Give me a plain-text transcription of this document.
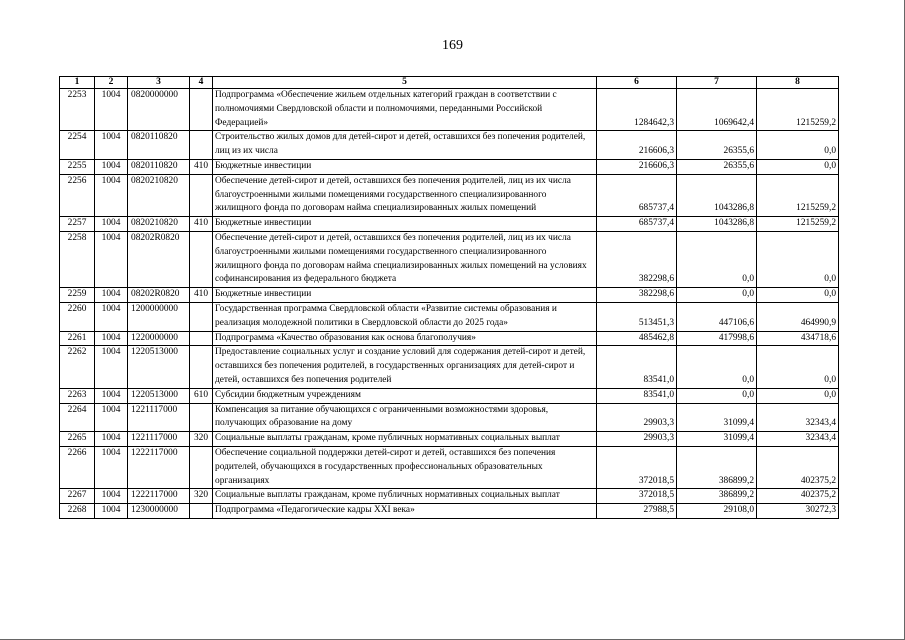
169
1	2	3	4	5	6	7	8
2253	1004	0820000000		Подпрограмма «Обеспечение жильем отдельных категорий граждан в соответствии с полномочиями Свердловской области и полномочиями, переданными Российской Федерацией»	1284642,3	1069642,4	1215259,2
2254	1004	0820110820		Строительство жилых домов для детей-сирот и детей, оставшихся без попечения родителей, лиц из их числа	216606,3	26355,6	0,0
2255	1004	0820110820	410	Бюджетные инвестиции	216606,3	26355,6	0,0
2256	1004	0820210820		Обеспечение детей-сирот и детей, оставшихся без попечения родителей, лиц из их числа благоустроенными жилыми помещениями государственного специализированного жилищного фонда по договорам найма специализированных жилых помещений	685737,4	1043286,8	1215259,2
2257	1004	0820210820	410	Бюджетные инвестиции	685737,4	1043286,8	1215259,2
2258	1004	08202R0820		Обеспечение детей-сирот и детей, оставшихся без попечения родителей, лиц из их числа благоустроенными жилыми помещениями государственного специализированного жилищного фонда по договорам найма специализированных жилых помещений на условиях софинансирования из федерального бюджета	382298,6	0,0	0,0
2259	1004	08202R0820	410	Бюджетные инвестиции	382298,6	0,0	0,0
2260	1004	1200000000		Государственная программа Свердловской области «Развитие системы образования и реализация молодежной политики в Свердловской области до 2025 года»	513451,3	447106,6	464990,9
2261	1004	1220000000		Подпрограмма «Качество образования как основа благополучия»	485462,8	417998,6	434718,6
2262	1004	1220513000		Предоставление социальных услуг и создание условий для содержания детей-сирот и детей, оставшихся без попечения родителей, в государственных организациях для детей-сирот и детей, оставшихся без попечения родителей	83541,0	0,0	0,0
2263	1004	1220513000	610	Субсидии бюджетным учреждениям	83541,0	0,0	0,0
2264	1004	1221117000		Компенсация за питание обучающихся с ограниченными возможностями здоровья, получающих образование на дому	29903,3	31099,4	32343,4
2265	1004	1221117000	320	Социальные выплаты гражданам, кроме публичных нормативных социальных выплат	29903,3	31099,4	32343,4
2266	1004	1222117000		Обеспечение социальной поддержки детей-сирот и детей, оставшихся без попечения родителей, обучающихся в государственных профессиональных образовательных организациях	372018,5	386899,2	402375,2
2267	1004	1222117000	320	Социальные выплаты гражданам, кроме публичных нормативных социальных выплат	372018,5	386899,2	402375,2
2268	1004	1230000000		Подпрограмма «Педагогические кадры XXI века»	27988,5	29108,0	30272,3
